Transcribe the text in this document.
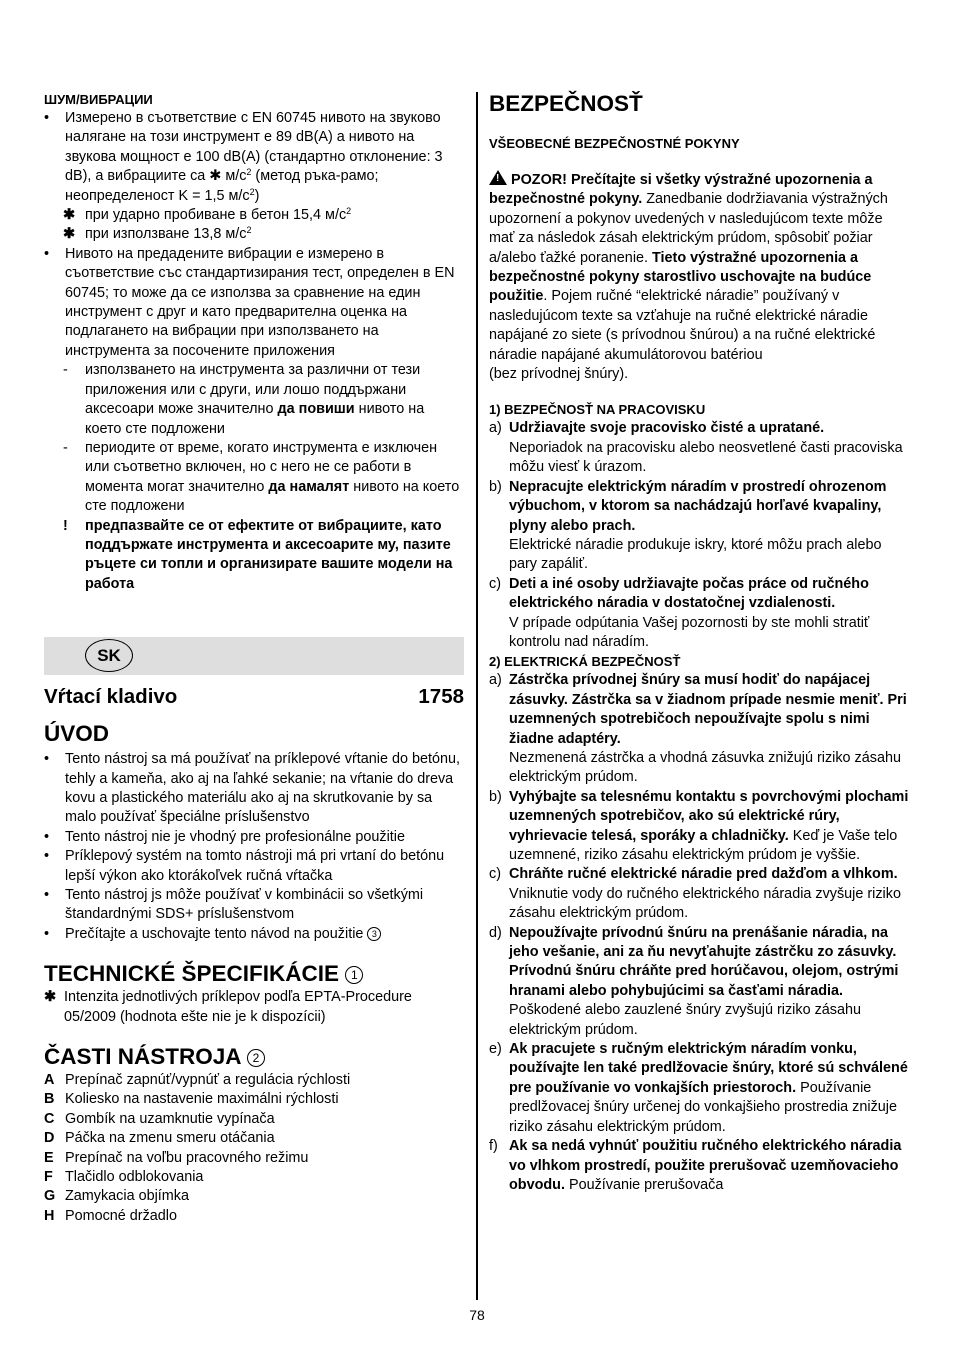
ШУМ/ВИБРАЦИИ
• Измерено в съответствие с EN 60745 нивото на звуково налягане на този инструмент е 89 dB(A) а нивото на звукова мощност е 100 dB(A) (стандартно отклонение: 3 dB), а вибрациите са ✱ $м/с^2$ (метод ръка-рамо; неопределеност K = 1,5 $м/с^2$)
✱ при ударно пробиване в бетон 15,4 $м/с^2$
✱ при използване 13,8 $м/с^2$
• Нивото на предадените вибрации е измерено в съответствие със стандартизирания тест, определен в EN 60745; то може да се използва за сравнение на един инструмент с друг и като предварителна оценка на подлагането на вибрации при използването на инструмента за посочените приложения
- използването на инструмента за различни от тези приложения или с други, или лошо поддържани аксесоари може значително да повиши нивото на което сте подложени
- периодите от време, когато инструмента е изключен или съответно включен, но с него не се работи в момента могат значително да намалят нивото на което сте подложени
! предпазвайте се от ефектите от вибрациите, като поддържате инструмента и аксесоарите му, пазите ръцете си топли и организирате вашите модели на работа
SK
Vŕtací kladivo	1758
ÚVOD
• Tento nástroj sa má používať na príklepové vŕtanie do betónu, tehly a kameňa, ako aj na ľahké sekanie; na vŕtanie do dreva kovu a plastického materiálu ako aj na skrutkovanie by sa malo používať špeciálne príslušenstvo
• Tento nástroj nie je vhodný pre profesionálne použitie
• Príklepový systém na tomto nástroji má pri vrtaní do betónu lepší výkon ako ktorákoľvek ručná vŕtačka
• Tento nástroj js môže používať v kombinácii so všetkými štandardnými SDS+ príslušenstvom
• Prečítajte a uschovajte tento návod na použitie 3
TECHNICKÉ ŠPECIFIKÁCIE 1
✱ Intenzita jednotlivých príklepov podľa EPTA-Procedure 05/2009 (hodnota ešte nie je k dispozícii)
ČASTI NÁSTROJA 2
A Prepínač zapnúť/vypnúť a regulácia rýchlosti
B Koliesko na nastavenie maximálni rýchlosti
C Gombík na uzamknutie vypínača
D Páčka na zmenu smeru otáčania
E Prepínač na voľbu pracovného režimu
F Tlačidlo odblokovania
G Zamykacia objímka
H Pomocné držadlo
BEZPEČNOSŤ
VŠEOBECNÉ BEZPEČNOSTNÉ POKYNY
!POZOR! Prečítajte si všetky výstražné upozornenia a bezpečnostné pokyny. Zanedbanie dodržiavania výstražných upozornení a pokynov uvedených v nasledujúcom texte môže mať za následok zásah elektrickým prúdom, spôsobiť požiar a/alebo ťažké poranenie. Tieto výstražné upozornenia a bezpečnostné pokyny starostlivo uschovajte na budúce použitie. Pojem ručné “elektrické náradie” používaný v nasledujúcom texte sa vzťahuje na ručné elektrické náradie napájané zo siete (s prívodnou šnúrou) a na ručné elektrické náradie napájané akumulátorovou batériou
(bez prívodnej šnúry).
1) BEZPEČNOSŤ NA PRACOVISKU
a) Udržiavajte svoje pracovisko čisté a upratané.
Neporiadok na pracovisku alebo neosvetlené časti pracoviska môžu viesť k úrazom.
b) Nepracujte elektrickým náradím v prostredí ohrozenom výbuchom, v ktorom sa nachádzajú horľavé kvapaliny, plyny alebo prach.
Elektrické náradie produkuje iskry, ktoré môžu prach alebo pary zapáliť.
c) Deti a iné osoby udržiavajte počas práce od ručného elektrického náradia v dostatočnej vzdialenosti.
V prípade odpútania Vašej pozornosti by ste mohli stratiť kontrolu nad náradím.
2) ELEKTRICKÁ BEZPEČNOSŤ
a) Zástrčka prívodnej šnúry sa musí hodiť do napájacej zásuvky. Zástrčka sa v žiadnom prípade nesmie meniť. Pri uzemnených spotrebičoch nepoužívajte spolu s nimi žiadne adaptéry.
Nezmenená zástrčka a vhodná zásuvka znižujú riziko zásahu elektrickým prúdom.
b) Vyhýbajte sa telesnému kontaktu s povrchovými plochami uzemnených spotrebičov, ako sú elektrické rúry, vyhrievacie telesá, sporáky a chladničky. Keď je Vaše telo uzemnené, riziko zásahu elektrickým prúdom je vyššie.
c) Chráňte ručné elektrické náradie pred dažďom a vlhkom. Vniknutie vody do ručného elektrického náradia zvyšuje riziko zásahu elektrickým prúdom.
d) Nepoužívajte prívodnú šnúru na prenášanie náradia, na jeho vešanie, ani za ňu nevyťahujte zástrčku zo zásuvky. Prívodnú šnúru chráňte pred horúčavou, olejom, ostrými hranami alebo pohybujúcimi sa časťami náradia. Poškodené alebo zauzlené šnúry zvyšujú riziko zásahu elektrickým prúdom.
e) Ak pracujete s ručným elektrickým náradím vonku, používajte len také predlžovacie šnúry, ktoré sú schválené pre používanie vo vonkajších priestoroch. Používanie predlžovacej šnúry určenej do vonkajšieho prostredia znižuje riziko zásahu elektrickým prúdom.
f) Ak sa nedá vyhnúť použitiu ručného elektrického náradia vo vlhkom prostredí, použite prerušovač uzemňovacieho obvodu. Používanie prerušovača
78
